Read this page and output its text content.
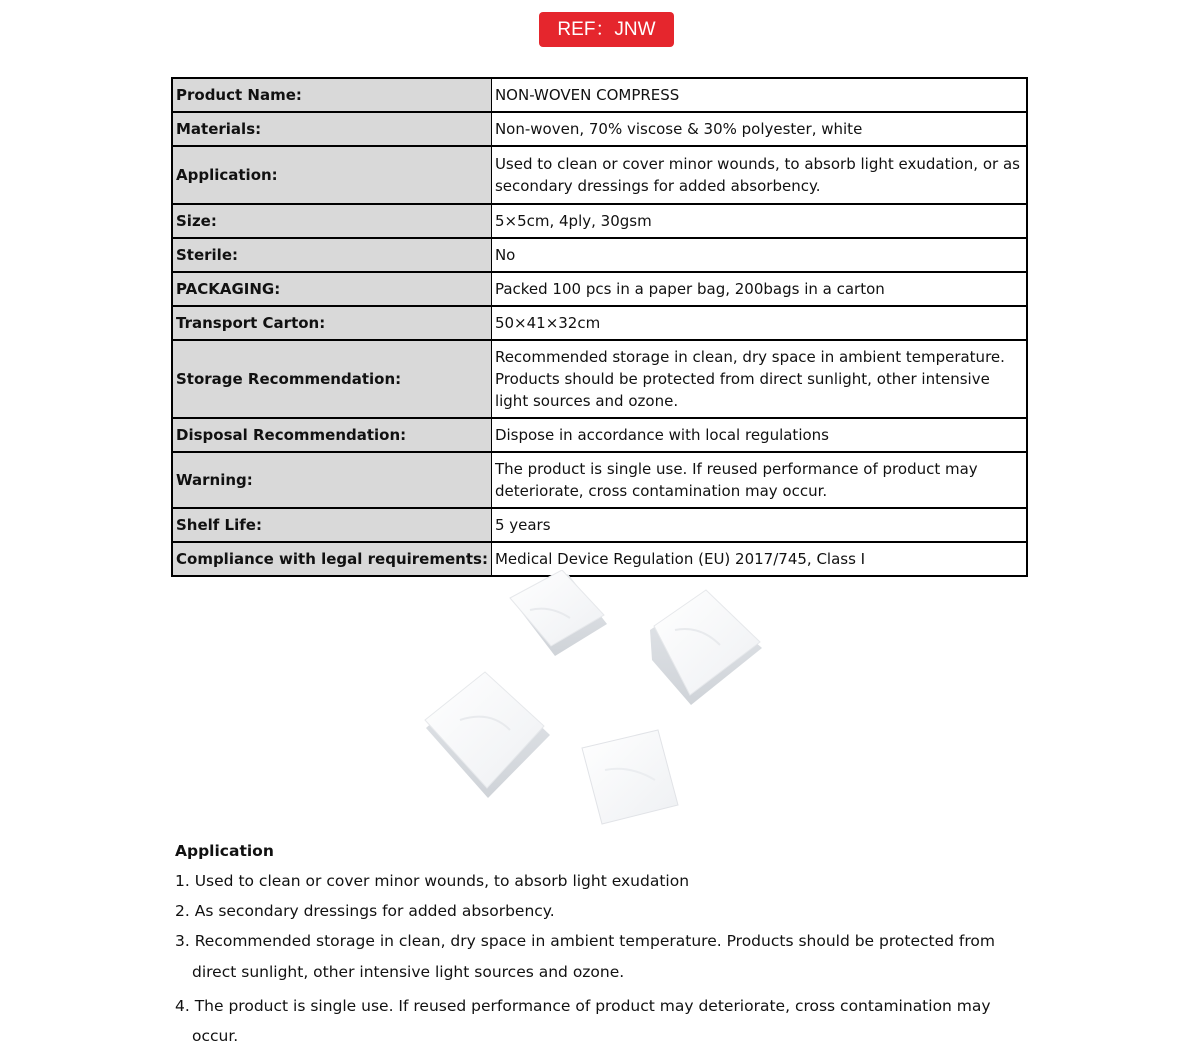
REF：JNW
Product Name:	NON-WOVEN COMPRESS
Materials:	Non-woven, 70% viscose & 30% polyester, white
Application:	Used to clean or cover minor wounds, to absorb light exudation, or as secondary dressings for added absorbency.
Size:	5×5cm, 4ply, 30gsm
Sterile:	No
PACKAGING:	Packed 100 pcs in a paper bag, 200bags in a carton
Transport Carton:	50×41×32cm
Storage Recommendation:	Recommended storage in clean, dry space in ambient temperature. Products should be protected from direct sunlight, other intensive light sources and ozone.
Disposal Recommendation:	Dispose in accordance with local regulations
Warning:	The product is single use. If reused performance of product may deteriorate, cross contamination may occur.
Shelf Life:	5 years
Compliance with legal requirements:	Medical Device Regulation (EU) 2017/745, Class I

Application

1. Used to clean or cover minor wounds, to absorb light exudation
2. As secondary dressings for added absorbency.
3. Recommended storage in clean, dry space in ambient temperature. Products should be protected from direct sunlight, other intensive light sources and ozone.
4. The product is single use. If reused performance of product may deteriorate, cross contamination may occur.
